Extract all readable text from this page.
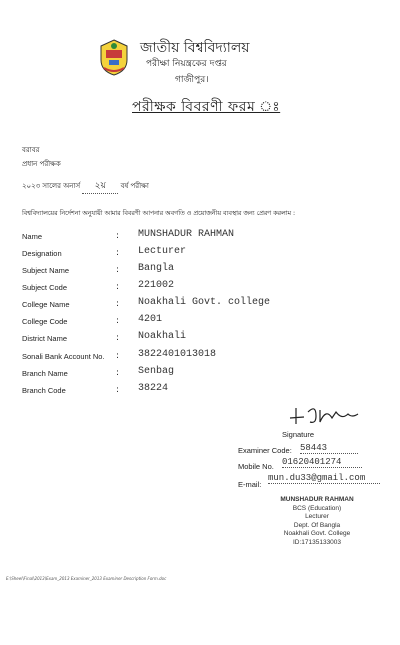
জাতীয় বিশ্ববিদ্যালয়
পরীক্ষা নিয়ন্ত্রকের দপ্তর
গাজীপুর।
পরীক্ষক বিবরণী ফরম ঃ
বরাবর
প্রধান পরীক্ষক
২০২৩ সালের অনার্স ২য় বর্ষ পরীক্ষা
বিশ্ববিদ্যালয়ের নির্দেশনা অনুযায়ী আমার বিবরণী আপনার অবগতি ও প্রয়োজনীয় ব্যবস্থার জন্য প্রেরণ করলাম :
Name	: MUNSHADUR RAHMAN
Designation	: Lecturer
Subject Name	: Bangla
Subject Code	: 221002
College Name	: Noakhali Govt. college
College Code	: 4201
District Name	: Noakhali
Sonali Bank Account No. : 3822401013018
Branch Name	: Senbag
Branch Code	: 38224
Signature
Examiner Code: 58443
Mobile No. 01620401274
E-mail:
mun.du33@gmail.com
MUNSHADUR RAHMAN
BCS (Education)
Lecturer
Dept. Of Bangla
Noakhali Govt. College
ID:17135133003
E:\Sheel\Final\2013\Exam_2013 Examiner_2013 Examiner Description Form.doc
